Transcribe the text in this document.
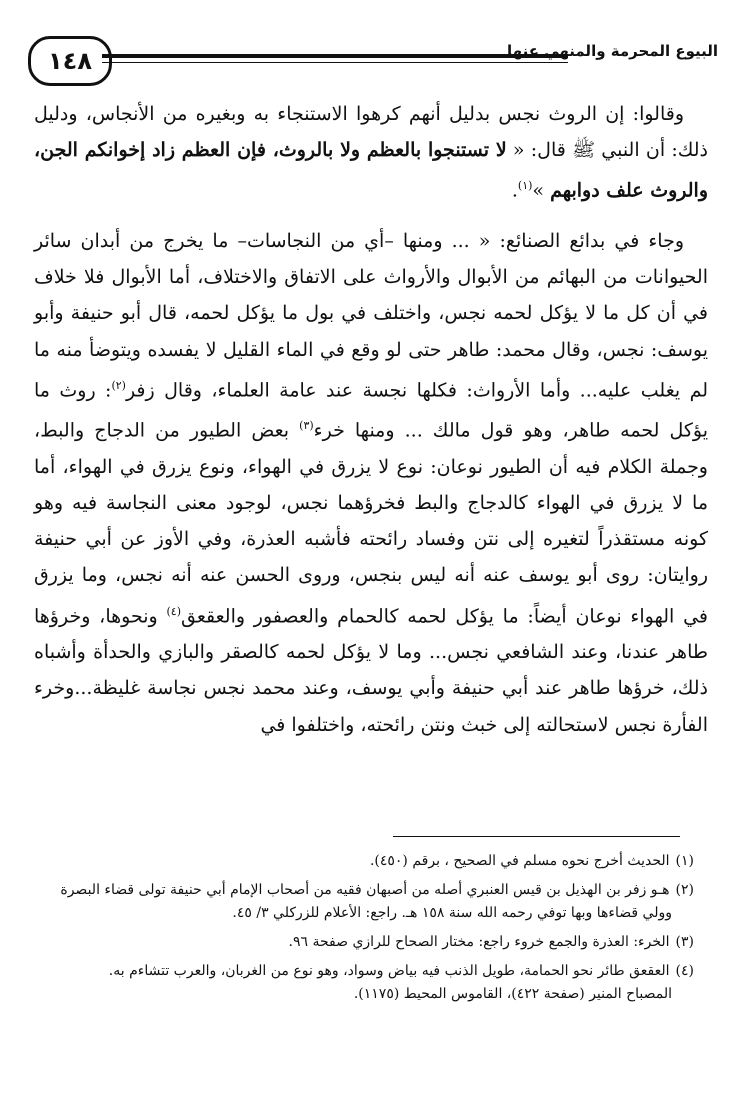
١٤٨	البيوع المحرمة والمنهي عنها

وقالوا: إن الروث نجس بدليل أنهم كرهوا الاستنجاء به وبغيره من الأنجاس، ودليل ذلك: أن النبي ﷺ قال: « لا تستنجوا بالعظم ولا بالروث، فإن العظم زاد إخوانكم الجن، والروث علف دوابهم »$^{(١)}$.

وجاء في بدائع الصنائع: « ... ومنها –أي من النجاسات– ما يخرج من أبدان سائر الحيوانات من البهائم من الأبوال والأرواث على الاتفاق والاختلاف، أما الأبوال فلا خلاف في أن كل ما لا يؤكل لحمه نجس، واختلف في بول ما يؤكل لحمه، قال أبو حنيفة وأبو يوسف: نجس، وقال محمد: طاهر حتى لو وقع في الماء القليل لا يفسده ويتوضأ منه ما لم يغلب عليه... وأما الأرواث: فكلها نجسة عند عامة العلماء، وقال زفر$^{(٢)}$: روث ما يؤكل لحمه طاهر، وهو قول مالك ... ومنها خرء$^{(٣)}$ بعض الطيور من الدجاج والبط، وجملة الكلام فيه أن الطيور نوعان: نوع لا يزرق في الهواء، ونوع يزرق في الهواء، أما ما لا يزرق في الهواء كالدجاج والبط فخرؤهما نجس، لوجود معنى النجاسة فيه وهو كونه مستقذراً لتغيره إلى نتن وفساد رائحته فأشبه العذرة، وفي الأوز عن أبي حنيفة روايتان: روى أبو يوسف عنه أنه ليس بنجس، وروى الحسن عنه أنه نجس، وما يزرق في الهواء نوعان أيضاً: ما يؤكل لحمه كالحمام والعصفور والعقعق$^{(٤)}$ ونحوها، وخرؤها طاهر عندنا، وعند الشافعي نجس... وما لا يؤكل لحمه كالصقر والبازي والحدأة وأشباه ذلك، خرؤها طاهر عند أبي حنيفة وأبي يوسف، وعند محمد نجس نجاسة غليظة...وخرء الفأرة نجس لاستحالته إلى خبث ونتن رائحته، واختلفوا في

(١)الحديث أخرج نحوه مسلم في الصحيح ، برقم (٤٥٠).
(٢)هـو زفر بن الهذيل بن قيس العنبري أصله من أصبهان فقيه من أصحاب الإمام أبي حنيفة تولى قضاء البصرة
وولي قضاءها وبها توفي رحمه الله سنة ١٥٨ هـ. راجع: الأعلام للزركلي ٣/ ٤٥.
(٣)الخرء: العذرة والجمع خروء راجع: مختار الصحاح للرازي صفحة ٩٦.
(٤)العقعق طائر نحو الحمامة، طويل الذنب فيه بياض وسواد، وهو نوع من الغربان، والعرب تتشاءم به.
المصباح المنير (صفحة ٤٢٢)، القاموس المحيط (١١٧٥).
